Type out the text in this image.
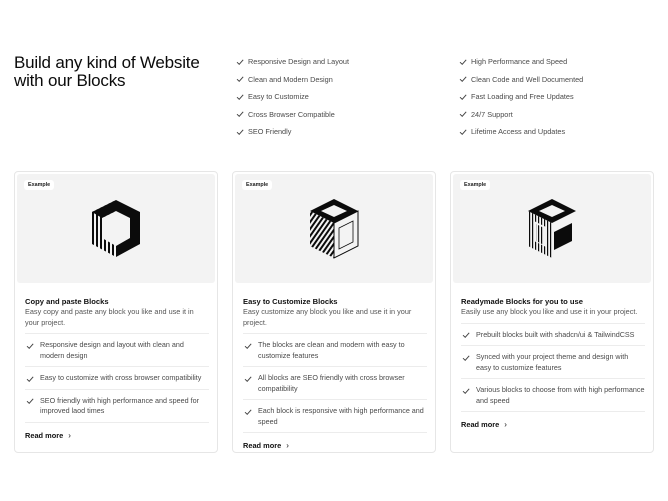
Build any kind of Website with our Blocks
Responsive Design and Layout
Clean and Modern Design
Easy to Customize
Cross Browser Compatible
SEO Friendly
High Performance and Speed
Clean Code and Well Documented
Fast Loading and Free Updates
24/7 Support
Lifetime Access and Updates
Example
Copy and paste Blocks
Easy copy and paste any block you like and use it in your project.
Responsive design and layout with clean and modern design
Easy to customize with cross browser compatibility
SEO friendly with high performance and speed for improved laod times
Read more ›
Example
Easy to Customize Blocks
Easy customize any block you like and use it in your project.
The blocks are clean and modern with easy to customize features
All blocks are SEO friendly with cross browser compatibility
Each block is responsive with high performance and speed
Read more ›
Example
Readymade Blocks for you to use
Easily use any block you like and use it in your project.
Prebuilt blocks built with shadcn/ui & TailwindCSS
Synced with your project theme and design with easy to customize features
Various blocks to choose from with high performance and speed
Read more ›
